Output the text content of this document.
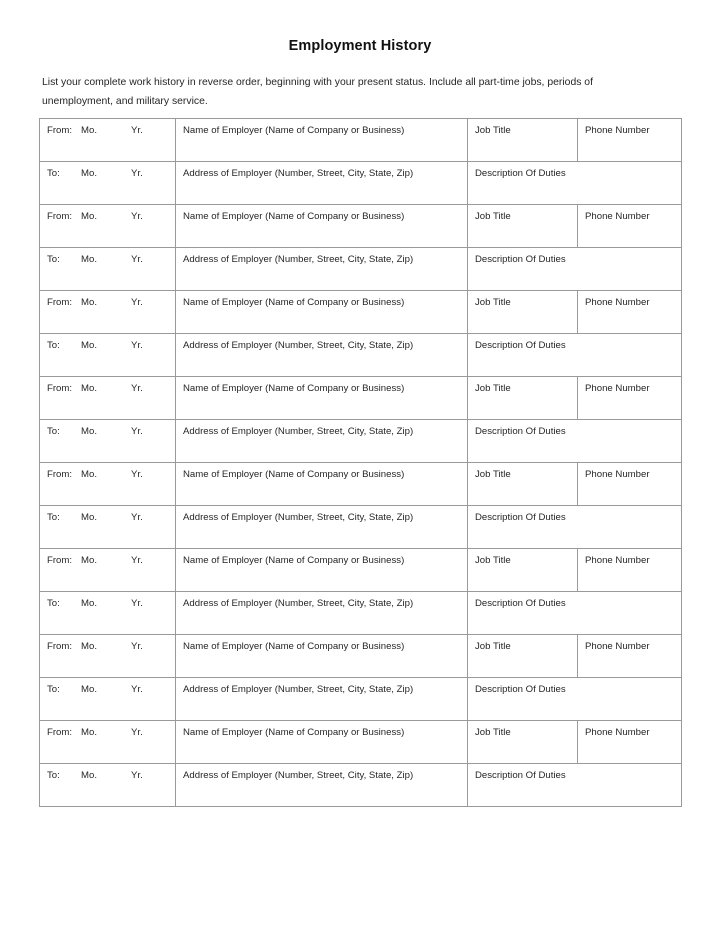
Employment History
List your complete work history in reverse order, beginning with your present status. Include all part-time jobs, periods of unemployment, and military service.
From: Mo. Yr.	Name of Employer (Name of Company or Business)	Job Title	Phone Number

To: Mo. Yr.	Address of Employer (Number, Street, City, State, Zip)	Description Of Duties	

From: Mo. Yr.	Name of Employer (Name of Company or Business)	Job Title	Phone Number

To: Mo. Yr.	Address of Employer (Number, Street, City, State, Zip)	Description Of Duties	

From: Mo. Yr.	Name of Employer (Name of Company or Business)	Job Title	Phone Number

To: Mo. Yr.	Address of Employer (Number, Street, City, State, Zip)	Description Of Duties	

From: Mo. Yr.	Name of Employer (Name of Company or Business)	Job Title	Phone Number

To: Mo. Yr.	Address of Employer (Number, Street, City, State, Zip)	Description Of Duties	

From: Mo. Yr.	Name of Employer (Name of Company or Business)	Job Title	Phone Number

To: Mo. Yr.	Address of Employer (Number, Street, City, State, Zip)	Description Of Duties	

From: Mo. Yr.	Name of Employer (Name of Company or Business)	Job Title	Phone Number

To: Mo. Yr.	Address of Employer (Number, Street, City, State, Zip)	Description Of Duties	

From: Mo. Yr.	Name of Employer (Name of Company or Business)	Job Title	Phone Number

To: Mo. Yr.	Address of Employer (Number, Street, City, State, Zip)	Description Of Duties	

From: Mo. Yr.	Name of Employer (Name of Company or Business)	Job Title	Phone Number

To: Mo. Yr.	Address of Employer (Number, Street, City, State, Zip)	Description Of Duties	
